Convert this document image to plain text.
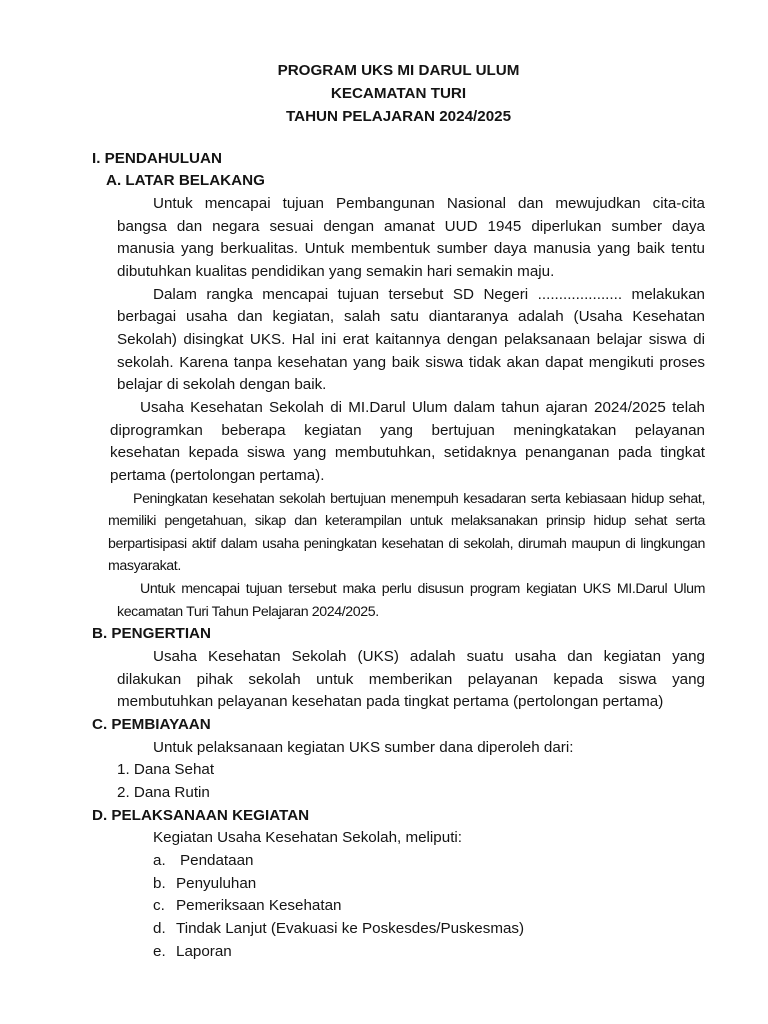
PROGRAM UKS MI DARUL ULUM
KECAMATAN TURI
TAHUN PELAJARAN 2024/2025
I. PENDAHULUAN
A. LATAR BELAKANG
Untuk mencapai tujuan Pembangunan Nasional dan mewujudkan cita-cita
bangsa dan negara sesuai dengan amanat UUD 1945 diperlukan sumber daya
manusia yang berkualitas. Untuk membentuk sumber daya manusia yang baik tentu
dibutuhkan kualitas pendidikan yang semakin hari semakin maju.
Dalam rangka mencapai tujuan tersebut SD Negeri .................... melakukan
berbagai usaha dan kegiatan, salah satu diantaranya adalah (Usaha Kesehatan
Sekolah) disingkat UKS. Hal ini erat kaitannya dengan pelaksanaan belajar siswa di
sekolah. Karena tanpa kesehatan yang baik siswa tidak akan dapat mengikuti proses
belajar di sekolah dengan baik.
Usaha Kesehatan Sekolah di MI.Darul Ulum dalam tahun ajaran 2024/2025 telah
diprogramkan beberapa kegiatan yang bertujuan meningkatakan pelayanan
kesehatan kepada siswa yang membutuhkan, setidaknya penanganan pada tingkat
pertama (pertolongan pertama).
Peningkatan kesehatan sekolah bertujuan menempuh kesadaran serta kebiasaan hidup sehat,
memiliki pengetahuan, sikap dan keterampilan untuk melaksanakan prinsip hidup sehat serta
berpartisipasi aktif dalam usaha peningkatan kesehatan di sekolah, dirumah maupun di lingkungan
masyarakat.
Untuk mencapai tujuan tersebut maka perlu disusun program kegiatan UKS MI.Darul Ulum
kecamatan Turi Tahun Pelajaran 2024/2025.
B. PENGERTIAN
Usaha Kesehatan Sekolah (UKS) adalah suatu usaha dan kegiatan yang
dilakukan pihak sekolah untuk memberikan pelayanan kepada siswa yang
membutuhkan pelayanan kesehatan pada tingkat pertama (pertolongan pertama)
C. PEMBIAYAAN
Untuk pelaksanaan kegiatan UKS sumber dana diperoleh dari:
1. Dana Sehat
2. Dana Rutin
D. PELAKSANAAN KEGIATAN
Kegiatan Usaha Kesehatan Sekolah, meliputi:
a. Pendataan
b. Penyuluhan
c. Pemeriksaan Kesehatan
d. Tindak Lanjut (Evakuasi ke Poskesdes/Puskesmas)
e. Laporan
